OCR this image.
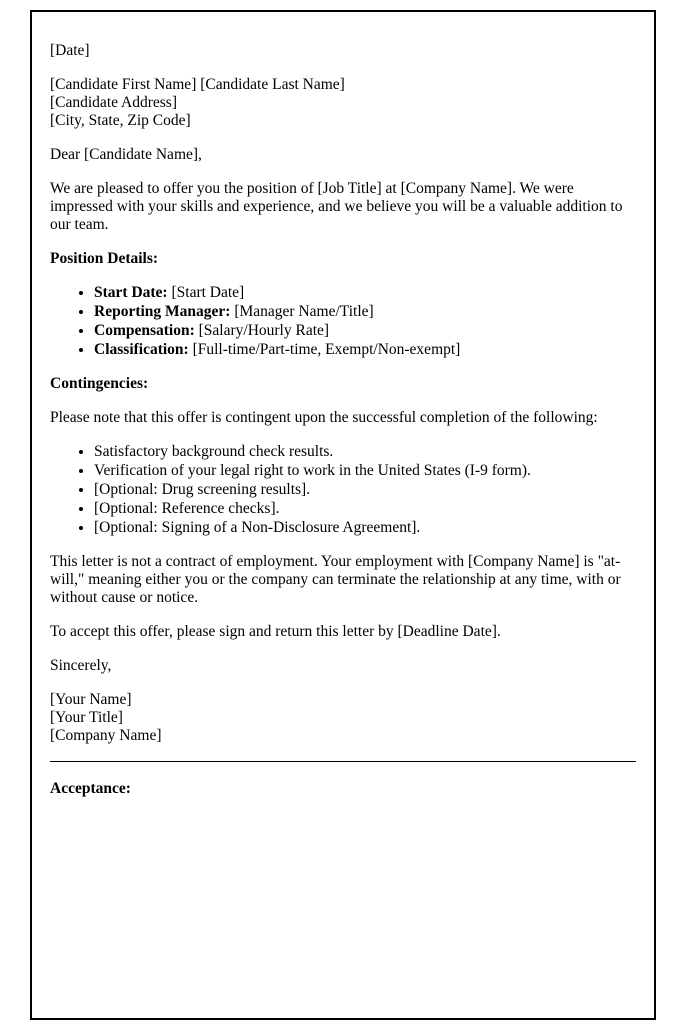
[Date]

[Candidate First Name] [Candidate Last Name]

[Candidate Address]

[City, State, Zip Code]

Dear [Candidate Name],

We are pleased to offer you the position of [Job Title] at [Company Name]. We were impressed with your skills and experience, and we believe you will be a valuable addition to our team.

Position Details:

• Start Date: [Start Date]
• Reporting Manager: [Manager Name/Title]
• Compensation: [Salary/Hourly Rate]
• Classification: [Full-time/Part-time, Exempt/Non-exempt]

Contingencies:

Please note that this offer is contingent upon the successful completion of the following:

• Satisfactory background check results.
• Verification of your legal right to work in the United States (I-9 form).
• [Optional: Drug screening results].
• [Optional: Reference checks].
• [Optional: Signing of a Non-Disclosure Agreement].

This letter is not a contract of employment. Your employment with [Company Name] is "at-will," meaning either you or the company can terminate the relationship at any time, with or without cause or notice.

To accept this offer, please sign and return this letter by [Deadline Date].

Sincerely,

[Your Name]

[Your Title]

[Company Name]

Acceptance:
